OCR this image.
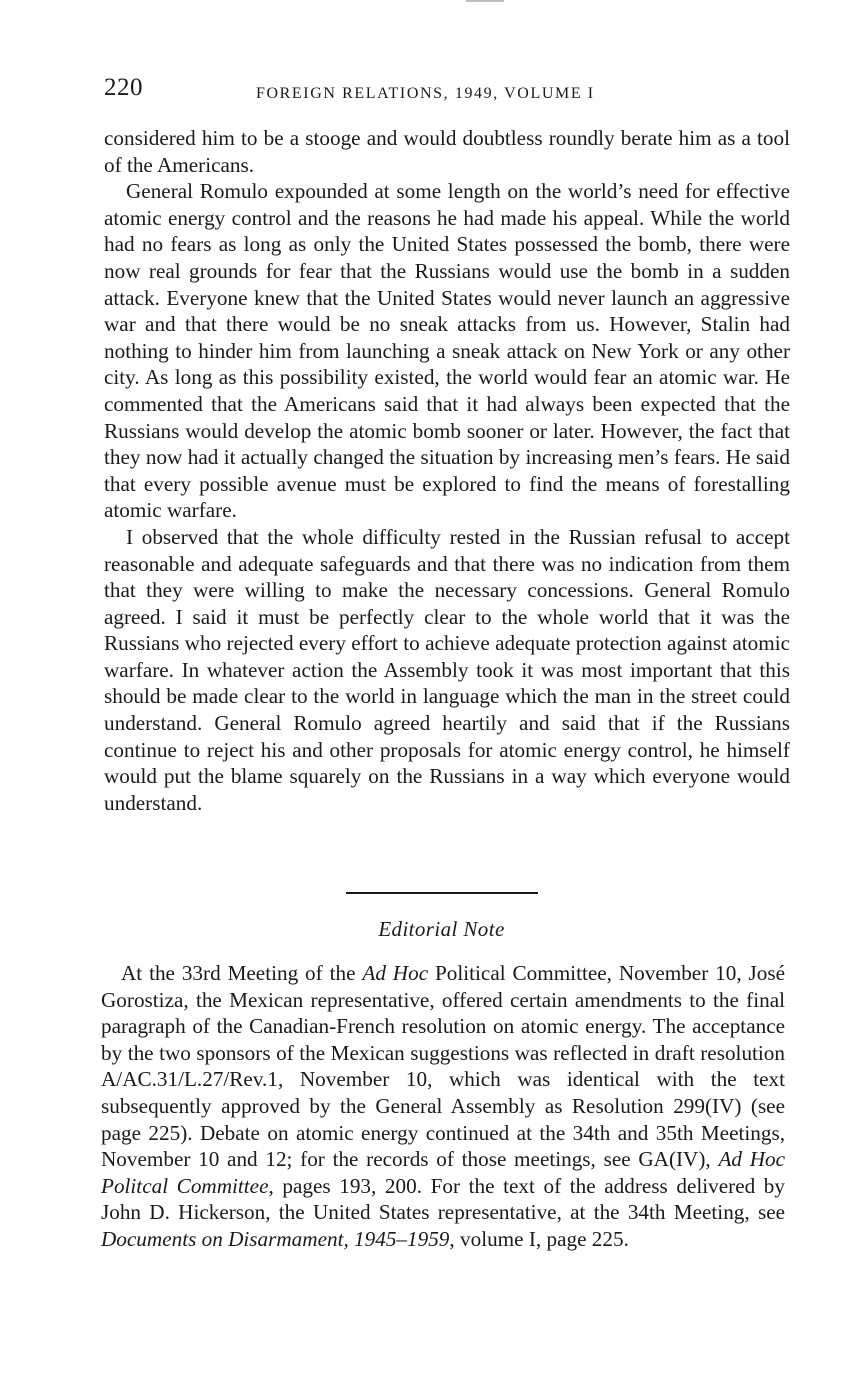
220	FOREIGN RELATIONS, 1949, VOLUME I

considered him to be a stooge and would doubtless roundly berate him as a tool of the Americans.

General Romulo expounded at some length on the world’s need for effective atomic energy control and the reasons he had made his appeal. While the world had no fears as long as only the United States possessed the bomb, there were now real grounds for fear that the Russians would use the bomb in a sudden attack. Everyone knew that the United States would never launch an aggressive war and that there would be no sneak attacks from us. However, Stalin had nothing to hinder him from launching a sneak attack on New York or any other city. As long as this possibility existed, the world would fear an atomic war. He commented that the Americans said that it had always been expected that the Russians would develop the atomic bomb sooner or later. However, the fact that they now had it actually changed the situation by increasing men’s fears. He said that every possible avenue must be explored to find the means of forestalling atomic warfare.

I observed that the whole difficulty rested in the Russian refusal to accept reasonable and adequate safeguards and that there was no indication from them that they were willing to make the necessary concessions. General Romulo agreed. I said it must be perfectly clear to the whole world that it was the Russians who rejected every effort to achieve adequate protection against atomic warfare. In whatever action the Assembly took it was most important that this should be made clear to the world in language which the man in the street could understand. General Romulo agreed heartily and said that if the Russians continue to reject his and other proposals for atomic energy control, he himself would put the blame squarely on the Russians in a way which everyone would understand.

Editorial Note

At the 33rd Meeting of the Ad Hoc Political Committee, November 10, José Gorostiza, the Mexican representative, offered certain amendments to the final paragraph of the Canadian-French resolution on atomic energy. The acceptance by the two sponsors of the Mexican suggestions was reflected in draft resolution A/AC.31/L.27/Rev.1, November 10, which was identical with the text subsequently approved by the General Assembly as Resolution 299(IV) (see page 225). Debate on atomic energy continued at the 34th and 35th Meetings, November 10 and 12; for the records of those meetings, see GA(IV), Ad Hoc Politcal Committee, pages 193, 200. For the text of the address delivered by John D. Hickerson, the United States representative, at the 34th Meeting, see Documents on Disarmament, 1945–1959, volume I, page 225.
